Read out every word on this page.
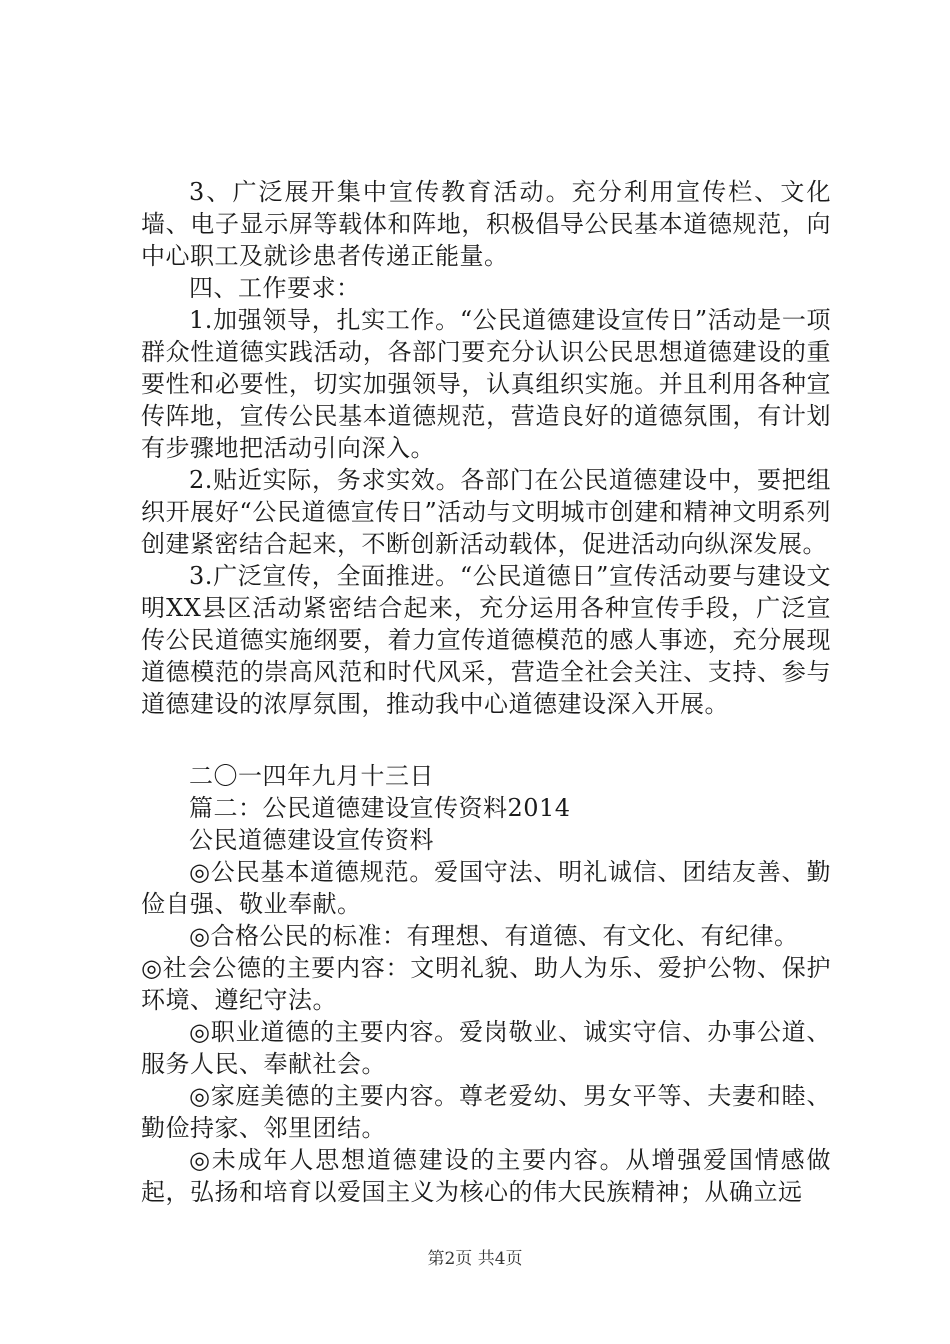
3、广泛展开集中宣传教育活动。充分利用宣传栏、文化墙、电子显示屏等载体和阵地，积极倡导公民基本道德规范，向中心职工及就诊患者传递正能量。

四、工作要求：

1.加强领导，扎实工作。“公民道德建设宣传日”活动是一项群众性道德实践活动，各部门要充分认识公民思想道德建设的重要性和必要性，切实加强领导，认真组织实施。并且利用各种宣传阵地，宣传公民基本道德规范，营造良好的道德氛围，有计划有步骤地把活动引向深入。

2.贴近实际，务求实效。各部门在公民道德建设中，要把组织开展好“公民道德宣传日”活动与文明城市创建和精神文明系列创建紧密结合起来，不断创新活动载体，促进活动向纵深发展。

3.广泛宣传，全面推进。“公民道德日”宣传活动要与建设文明XX县区活动紧密结合起来，充分运用各种宣传手段，广泛宣传公民道德实施纲要，着力宣传道德模范的感人事迹，充分展现道德模范的崇高风范和时代风采，营造全社会关注、支持、参与道德建设的浓厚氛围，推动我中心道德建设深入开展。

二〇一四年九月十三日

篇二：公民道德建设宣传资料2014

公民道德建设宣传资料

◎公民基本道德规范。爱国守法、明礼诚信、团结友善、勤俭自强、敬业奉献。

◎合格公民的标准：有理想、有道德、有文化、有纪律。

◎社会公德的主要内容：文明礼貌、助人为乐、爱护公物、保护环境、遵纪守法。

◎职业道德的主要内容。爱岗敬业、诚实守信、办事公道、服务人民、奉献社会。

◎家庭美德的主要内容。尊老爱幼、男女平等、夫妻和睦、勤俭持家、邻里团结。

◎未成年人思想道德建设的主要内容。从增强爱国情感做起，弘扬和培育以爱国主义为核心的伟大民族精神；从确立远

第2页 共4页
